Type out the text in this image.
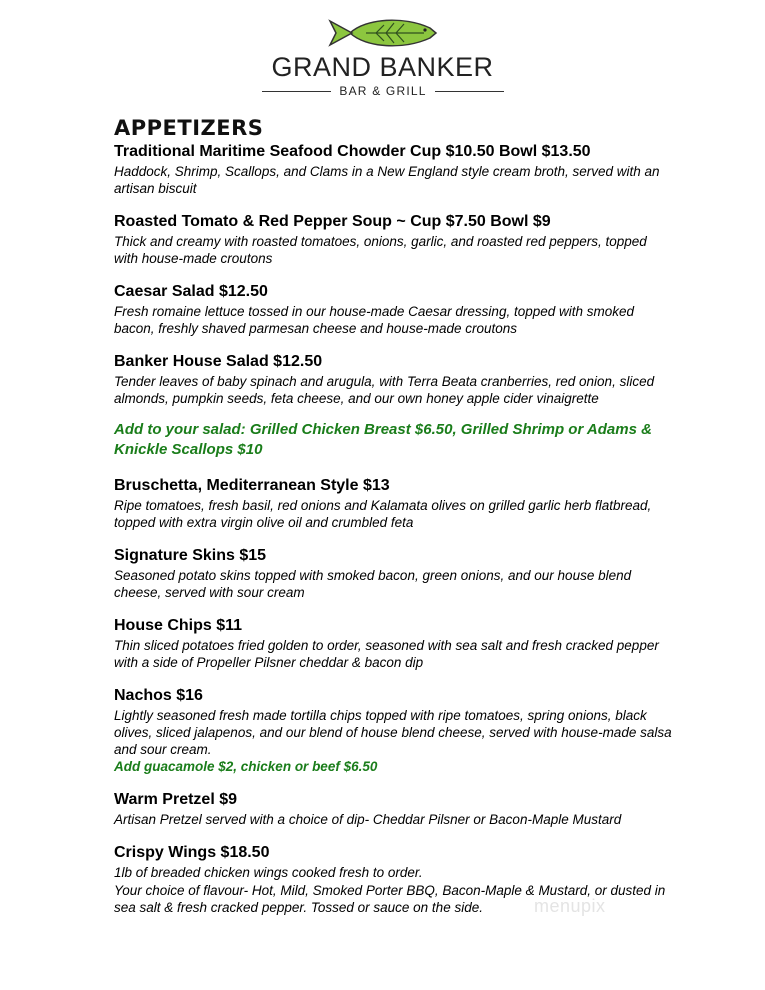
GRAND BANKER
BAR & GRILL
APPETIZERS
Traditional Maritime Seafood Chowder Cup $10.50 Bowl $13.50
Haddock, Shrimp, Scallops, and Clams in a New England style cream broth, served with an artisan biscuit
Roasted Tomato & Red Pepper Soup ~ Cup $7.50 Bowl $9
Thick and creamy with roasted tomatoes, onions, garlic, and roasted red peppers, topped with house-made croutons
Caesar Salad $12.50
Fresh romaine lettuce tossed in our house-made Caesar dressing, topped with smoked bacon, freshly shaved parmesan cheese and house-made croutons
Banker House Salad $12.50
Tender leaves of baby spinach and arugula, with Terra Beata cranberries, red onion, sliced almonds, pumpkin seeds, feta cheese, and our own honey apple cider vinaigrette
Add to your salad: Grilled Chicken Breast $6.50, Grilled Shrimp or Adams & Knickle Scallops $10
Bruschetta, Mediterranean Style $13
Ripe tomatoes, fresh basil, red onions and Kalamata olives on grilled garlic herb flatbread, topped with extra virgin olive oil and crumbled feta
Signature Skins $15
Seasoned potato skins topped with smoked bacon, green onions, and our house blend cheese, served with sour cream
House Chips $11
Thin sliced potatoes fried golden to order, seasoned with sea salt and fresh cracked pepper with a side of Propeller Pilsner cheddar & bacon dip
Nachos $16
Lightly seasoned fresh made tortilla chips topped with ripe tomatoes, spring onions, black olives, sliced jalapenos, and our blend of house blend cheese, served with house-made salsa and sour cream.
Add guacamole $2, chicken or beef $6.50
Warm Pretzel $9
Artisan Pretzel served with a choice of dip- Cheddar Pilsner or Bacon-Maple Mustard
Crispy Wings $18.50
1lb of breaded chicken wings cooked fresh to order.
Your choice of flavour- Hot, Mild, Smoked Porter BBQ, Bacon-Maple & Mustard, or dusted in sea salt & fresh cracked pepper. Tossed or sauce on the side.	menupix
